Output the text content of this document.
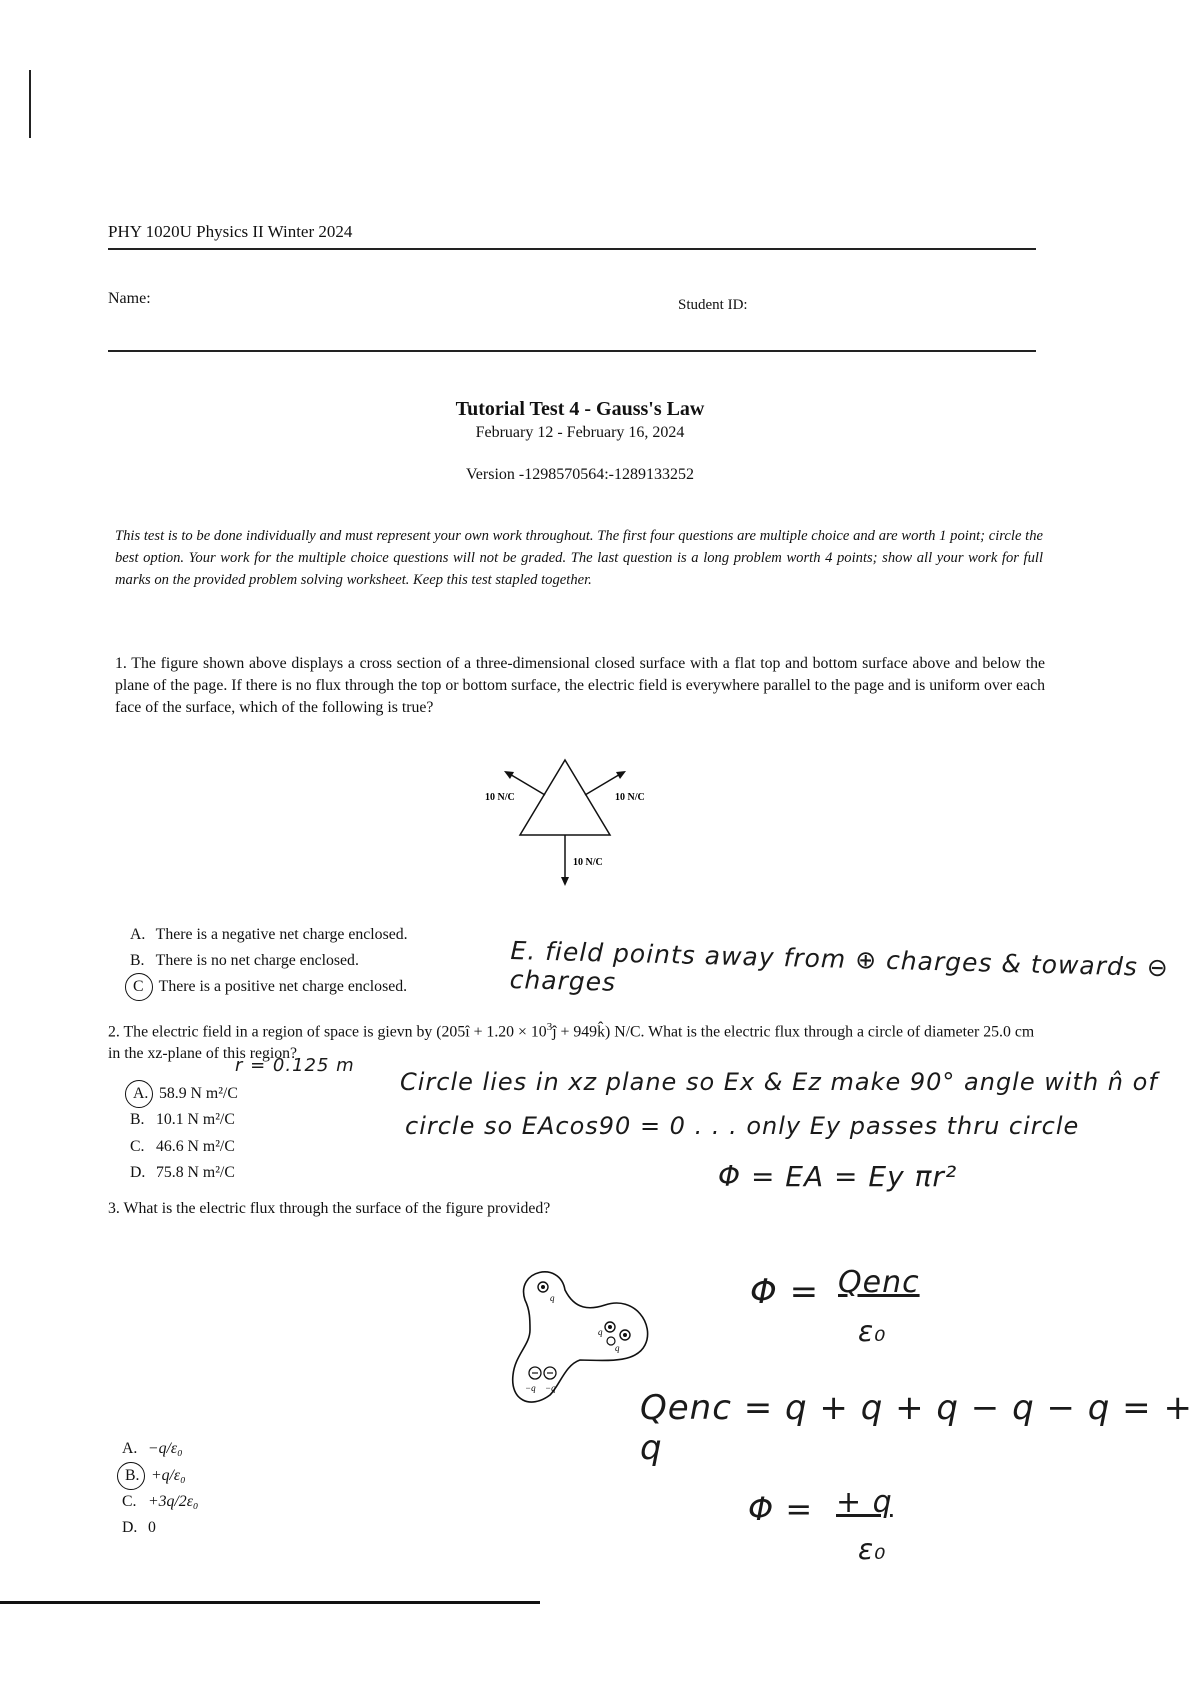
PHY 1020U Physics II Winter 2024
Name:	Student ID:
Tutorial Test 4 - Gauss's Law
February 12 - February 16, 2024
Version -1298570564:-1289133252
This test is to be done individually and must represent your own work throughout. The first four questions are multiple choice and are worth 1 point; circle the best option. Your work for the multiple choice questions will not be graded. The last question is a long problem worth 4 points; show all your work for full marks on the provided problem solving worksheet. Keep this test stapled together.
1. The figure shown above displays a cross section of a three-dimensional closed surface with a flat top and bottom surface above and below the plane of the page. If there is no flux through the top or bottom surface, the electric field is everywhere parallel to the page and is uniform over each face of the surface, which of the following is true?
10 N/C	10 N/C
10 N/C
A. There is a negative net charge enclosed.
B. There is no net charge enclosed.
C There is a positive net charge enclosed.
E. field points away from ⊕ charges & towards ⊖ charges
2. The electric field in a region of space is gievn by (205î + $1.20 \times 10^3ĵ$ + 949k̂) N/C. What is the electric flux through a circle of diameter 25.0 cm in the xz-plane of this region?
r = 0.125 m
A. 58.9 N m²/C
B. 10.1 N m²/C
C. 46.6 N m²/C
D. 75.8 N m²/C
Circle lies in xz plane so Ex & Ez make 90° angle with n̂ of
circle so EAcos90 = 0 . . . only Ey passes thru circle
Φ = EA = Ey πr²
3. What is the electric flux through the surface of the figure provided?
q
q
q
−q −q
Φ = Qenc
ε₀
Qenc = q + q + q − q − q = + q
Φ = + q
ε₀
A. −q/ε₀
B. +q/ε₀
C. +3q/2ε₀
D. 0
